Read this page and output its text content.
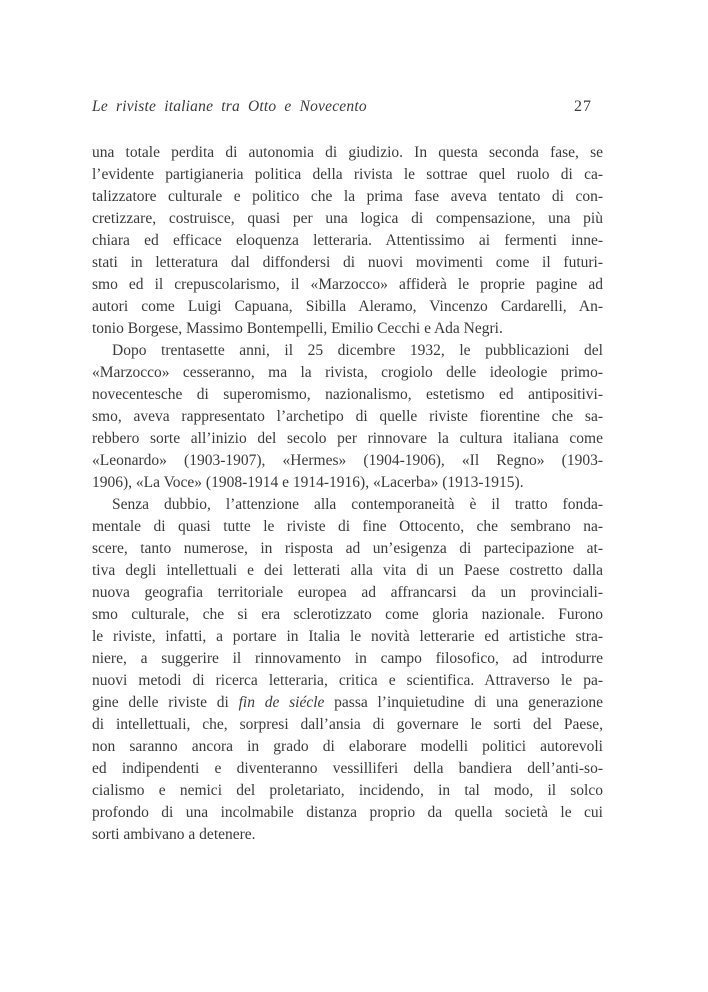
Le riviste italiane tra Otto e Novecento	27

una totale perdita di autonomia di giudizio. In questa seconda fase, se
l’evidente partigianeria politica della rivista le sottrae quel ruolo di ca-
talizzatore culturale e politico che la prima fase aveva tentato di con-
cretizzare, costruisce, quasi per una logica di compensazione, una più
chiara ed efficace eloquenza letteraria. Attentissimo ai fermenti inne-
stati in letteratura dal diffondersi di nuovi movimenti come il futuri-
smo ed il crepuscolarismo, il «Marzocco» affiderà le proprie pagine ad
autori come Luigi Capuana, Sibilla Aleramo, Vincenzo Cardarelli, An-
tonio Borgese, Massimo Bontempelli, Emilio Cecchi e Ada Negri.

Dopo trentasette anni, il 25 dicembre 1932, le pubblicazioni del
«Marzocco» cesseranno, ma la rivista, crogiolo delle ideologie primo-
novecentesche di superomismo, nazionalismo, estetismo ed antipositivi-
smo, aveva rappresentato l’archetipo di quelle riviste fiorentine che sa-
rebbero sorte all’inizio del secolo per rinnovare la cultura italiana come
«Leonardo» (1903-1907), «Hermes» (1904-1906), «Il Regno» (1903-
1906), «La Voce» (1908-1914 e 1914-1916), «Lacerba» (1913-1915).

Senza dubbio, l’attenzione alla contemporaneità è il tratto fonda-
mentale di quasi tutte le riviste di fine Ottocento, che sembrano na-
scere, tanto numerose, in risposta ad un’esigenza di partecipazione at-
tiva degli intellettuali e dei letterati alla vita di un Paese costretto dalla
nuova geografia territoriale europea ad affrancarsi da un provinciali-
smo culturale, che si era sclerotizzato come gloria nazionale. Furono
le riviste, infatti, a portare in Italia le novità letterarie ed artistiche stra-
niere, a suggerire il rinnovamento in campo filosofico, ad introdurre
nuovi metodi di ricerca letteraria, critica e scientifica. Attraverso le pa-
gine delle riviste di fin de siécle passa l’inquietudine di una generazione
di intellettuali, che, sorpresi dall’ansia di governare le sorti del Paese,
non saranno ancora in grado di elaborare modelli politici autorevoli
ed indipendenti e diventeranno vessilliferi della bandiera dell’anti-so-
cialismo e nemici del proletariato, incidendo, in tal modo, il solco
profondo di una incolmabile distanza proprio da quella società le cui
sorti ambivano a detenere.
